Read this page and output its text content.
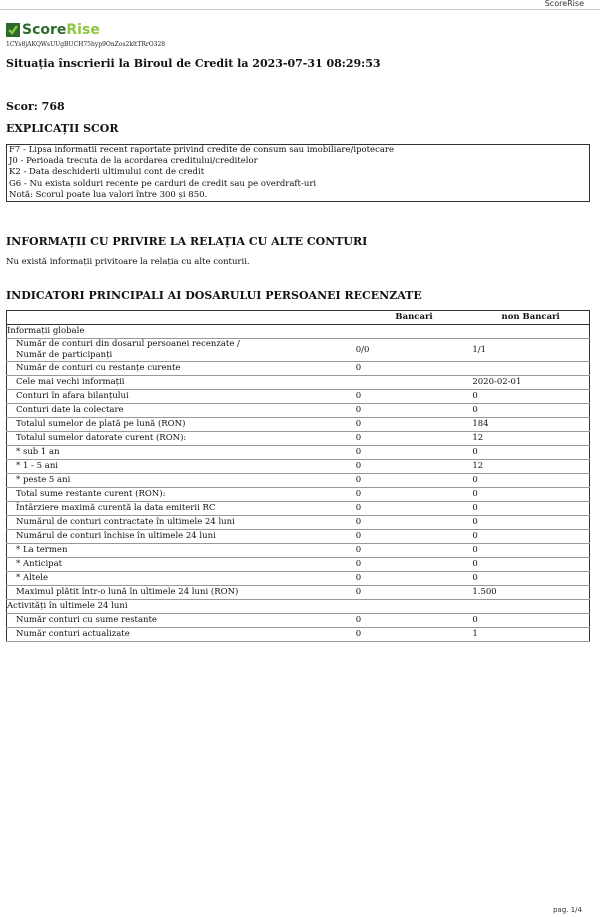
ScoreRise
ScoreRise
1CYs8jAKQWsUUgBUCH75hyp9OnZos2kltTRrO328
Situația înscrierii la Biroul de Credit la 2023-07-31 08:29:53
Scor: 768
EXPLICAȚII SCOR
F7 - Lipsa informatii recent raportate privind credite de consum sau imobiliare/ipotecare
J0 - Perioada trecuta de la acordarea creditului/creditelor
K2 - Data deschiderii ultimului cont de credit
G6 - Nu exista solduri recente pe carduri de credit sau pe overdraft-uri
Notă: Scorul poate lua valori între 300 și 850.
INFORMAȚII CU PRIVIRE LA RELAȚIA CU ALTE CONTURI
Nu există informații privitoare la relația cu alte conturii.
INDICATORI PRINCIPALI AI DOSARULUI PERSOANEI RECENZATE
	Bancari	non Bancari
Informații globale		
Număr de conturi din dosarul persoanei recenzate /
Număr de participanți	0/0	1/1
Număr de conturi cu restanțe curente	0	
Cele mai vechi informații		2020-02-01
Conturi în afara bilanțului	0	0
Conturi date la colectare	0	0
Totalul sumelor de plată pe lună (RON)	0	184
Totalul sumelor datorate curent (RON):	0	12
* sub 1 an	0	0
* 1 - 5 ani	0	12
* peste 5 ani	0	0
Total sume restante curent (RON):	0	0
Întârziere maximă curentă la data emiterii RC	0	0
Numărul de conturi contractate în ultimele 24 luni	0	0
Numărul de conturi închise în ultimele 24 luni	0	0
* La termen	0	0
* Anticipat	0	0
* Altele	0	0
Maximul plătit într-o lună în ultimele 24 luni (RON)	0	1.500
Activități în ultimele 24 luni		
Număr conturi cu sume restante	0	0
Număr conturi actualizate	0	1
pag. 1/4
